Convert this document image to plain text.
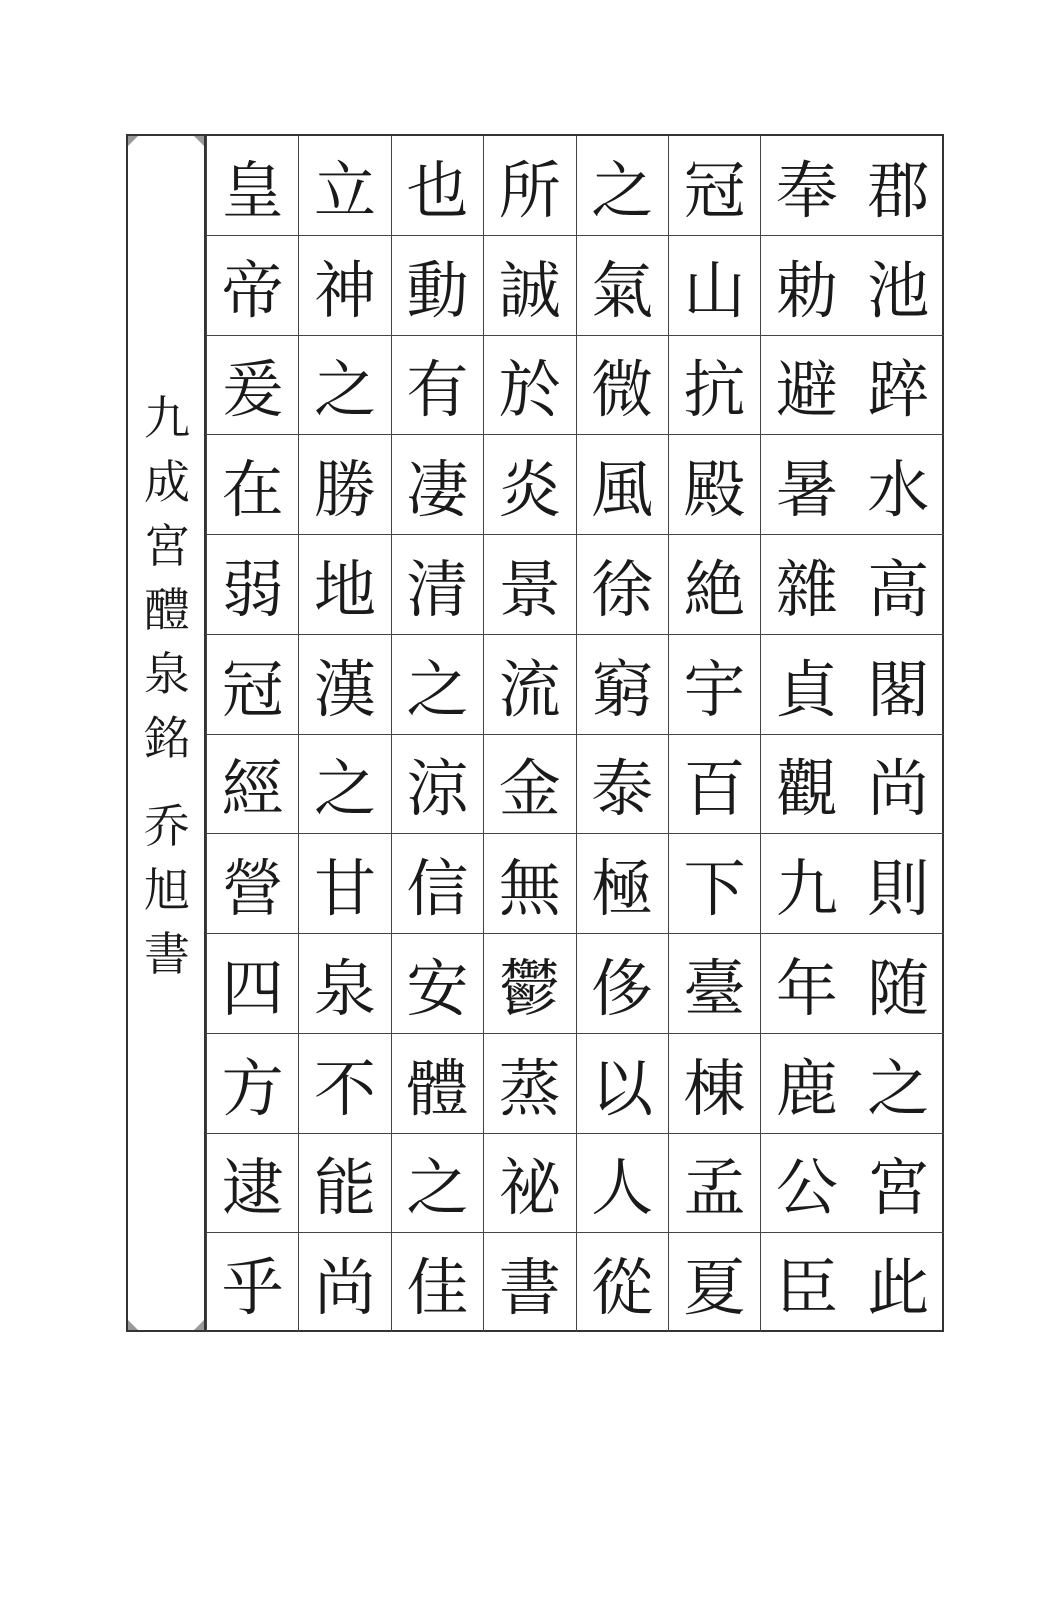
九
成
宮
醴
泉
銘
乔
旭
書
郡
池
踤
水
高
閣
尚
則
随
之
宮
此
奉
勅
避
暑
雜
貞
觀
九
年
鹿
公
臣
冠
山
抗
殿
絶
宇
百
下
臺
棟
孟
夏
之
氣
微
風
徐
窮
泰
極
侈
以
人
從
所
誠
於
炎
景
流
金
無
鬱
蒸
祕
書
也
動
有
凄
清
之
涼
信
安
體
之
佳
立
神
之
勝
地
漢
之
甘
泉
不
能
尚
皇
帝
爰
在
弱
冠
經
營
四
方
逮
乎
